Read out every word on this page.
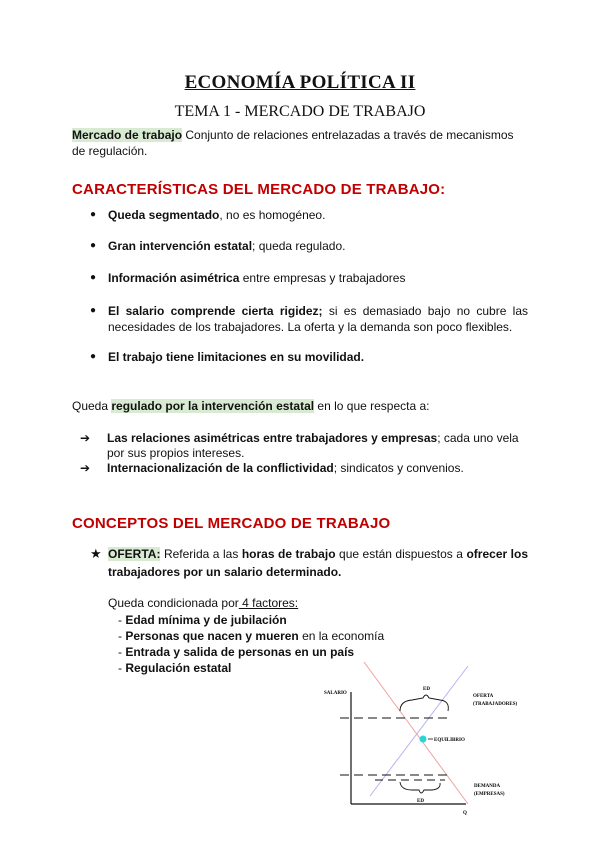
ECONOMÍA POLÍTICA II
TEMA 1 - MERCADO DE TRABAJO
Mercado de trabajo Conjunto de relaciones entrelazadas a través de mecanismos de regulación.
CARACTERÍSTICAS DEL MERCADO DE TRABAJO:
● Queda segmentado, no es homogéneo.
● Gran intervención estatal; queda regulado.
● Información asimétrica entre empresas y trabajadores
● El salario comprende cierta rigidez; si es demasiado bajo no cubre las necesidades de los trabajadores. La oferta y la demanda son poco flexibles.
● El trabajo tiene limitaciones en su movilidad.
Queda regulado por la intervención estatal en lo que respecta a:
➔	Las relaciones asimétricas entre trabajadores y empresas; cada uno vela por sus propios intereses.
➔	Internacionalización de la conflictividad; sindicatos y convenios.
CONCEPTOS DEL MERCADO DE TRABAJO
★ OFERTA: Referida a las horas de trabajo que están dispuestos a ofrecer los trabajadores por un salario determinado.
Queda condicionada por 4 factores:
- Edad mínima y de jubilación
- Personas que nacen y mueren en la economía
- Entrada y salida de personas en un país
- Regulación estatal
SALARIO
Q
ED
ED
EQUILIBRIO
OFERTA
(TRABAJADORES)
DEMANDA
(EMPRESAS)
